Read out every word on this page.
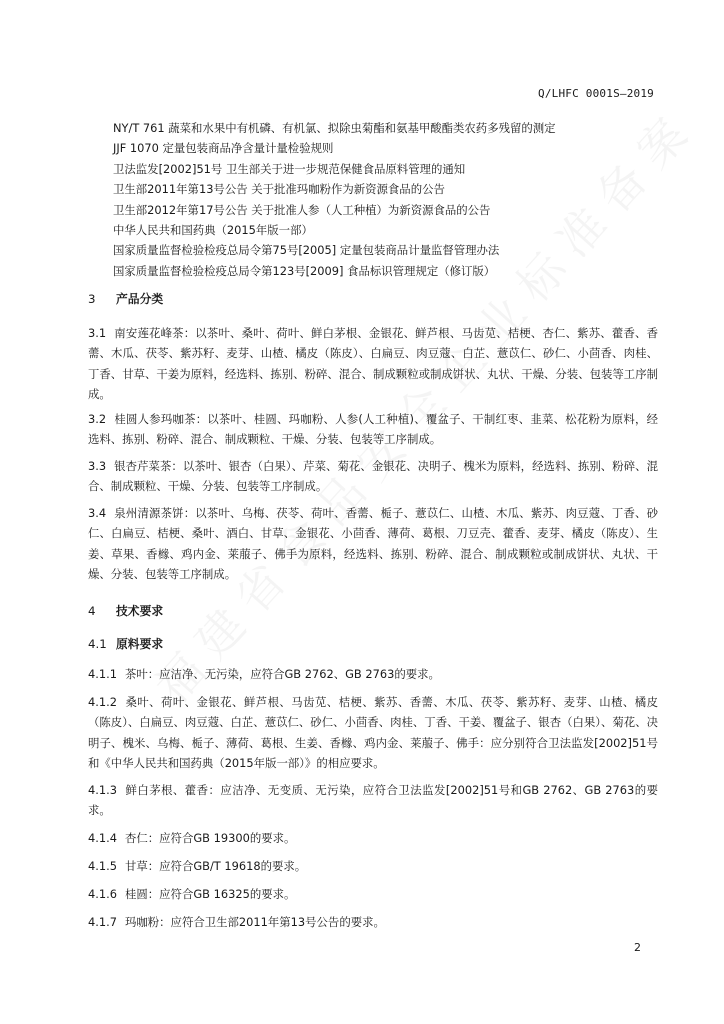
Q/LHFC 0001S—2019
NY/T 761 蔬菜和水果中有机磷、有机氯、拟除虫菊酯和氨基甲酸酯类农药多残留的测定
JJF 1070 定量包装商品净含量计量检验规则
卫法监发[2002]51号 卫生部关于进一步规范保健食品原料管理的通知
卫生部2011年第13号公告 关于批准玛咖粉作为新资源食品的公告
卫生部2012年第17号公告 关于批准人参（人工种植）为新资源食品的公告
中华人民共和国药典（2015年版一部）
国家质量监督检验检疫总局令第75号[2005] 定量包装商品计量监督管理办法
国家质量监督检验检疫总局令第123号[2009] 食品标识管理规定（修订版）
3 产品分类
3.1 南安莲花峰茶：以茶叶、桑叶、荷叶、鲜白茅根、金银花、鲜芦根、马齿苋、桔梗、杏仁、紫苏、藿香、香薷、木瓜、茯苓、紫苏籽、麦芽、山楂、橘皮（陈皮）、白扁豆、肉豆蔻、白芷、薏苡仁、砂仁、小茴香、肉桂、丁香、甘草、干姜为原料，经选料、拣别、粉碎、混合、制成颗粒或制成饼状、丸状、干燥、分装、包装等工序制成。
3.2 桂圆人参玛咖茶：以茶叶、桂圆、玛咖粉、人参(人工种植)、覆盆子、干制红枣、韭菜、松花粉为原料，经选料、拣别、粉碎、混合、制成颗粒、干燥、分装、包装等工序制成。
3.3 银杏芹菜茶：以茶叶、银杏（白果）、芹菜、菊花、金银花、决明子、槐米为原料，经选料、拣别、粉碎、混合、制成颗粒、干燥、分装、包装等工序制成。
3.4 泉州清源茶饼：以茶叶、乌梅、茯苓、荷叶、香薷、栀子、薏苡仁、山楂、木瓜、紫苏、肉豆蔻、丁香、砂仁、白扁豆、桔梗、桑叶、酒白、甘草、金银花、小茴香、薄荷、葛根、刀豆壳、藿香、麦芽、橘皮（陈皮）、生姜、草果、香橼、鸡内金、莱菔子、佛手为原料，经选料、拣别、粉碎、混合、制成颗粒或制成饼状、丸状、干燥、分装、包装等工序制成。
4 技术要求
4.1 原料要求
4.1.1 茶叶：应洁净、无污染，应符合GB 2762、GB 2763的要求。
4.1.2 桑叶、荷叶、金银花、鲜芦根、马齿苋、桔梗、紫苏、香薷、木瓜、茯苓、紫苏籽、麦芽、山楂、橘皮（陈皮）、白扁豆、肉豆蔻、白芷、薏苡仁、砂仁、小茴香、肉桂、丁香、干姜、覆盆子、银杏（白果）、菊花、决明子、槐米、乌梅、栀子、薄荷、葛根、生姜、香橼、鸡内金、莱菔子、佛手：应分别符合卫法监发[2002]51号和《中华人民共和国药典（2015年版一部）》的相应要求。
4.1.3 鲜白茅根、藿香：应洁净、无变质、无污染，应符合卫法监发[2002]51号和GB 2762、GB 2763的要求。
4.1.4 杏仁：应符合GB 19300的要求。
4.1.5 甘草：应符合GB/T 19618的要求。
4.1.6 桂圆：应符合GB 16325的要求。
4.1.7 玛咖粉：应符合卫生部2011年第13号公告的要求。
2
